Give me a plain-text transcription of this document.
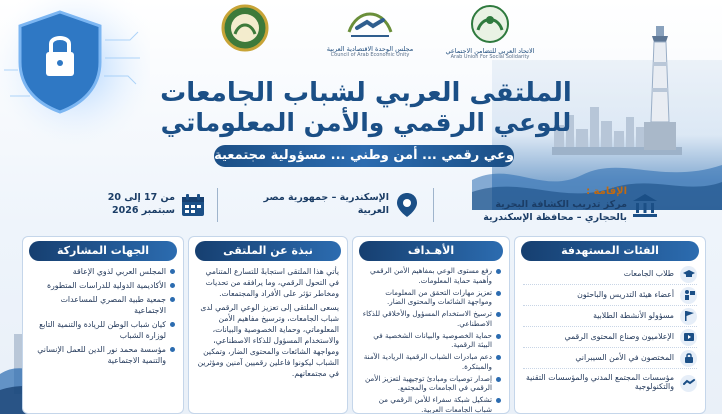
مجلس الوحدة الاقتصادية العربية
Council of Arab Economic Unity
الاتحاد العربي للتضامن الاجتماعي
Arab Union For Social Solidarity
الملتقى العربي لشباب الجامعات
للوعي الرقمي والأمن المعلوماتي
وعي رقمي ... أمن وطني ... مسؤولية مجتمعية
الإقامة :
مركز تدريب الكشافة البحرية
بالحجاري – محافظة الإسكندرية
الإسكندرية – جمهورية مصر العربية
من 17 إلى 20 سبتمبر 2026
الفئات المستهدفة
طلاب الجامعات
أعضاء هيئة التدريس والباحثون
مسؤولو الأنشطة الطلابية
الإعلاميون وصناع المحتوى الرقمي
المختصون في الأمن السيبراني
مؤسسات المجتمع المدني والمؤسسات التقنية والتكنولوجية
الأهـداف
رفع مستوى الوعي بمفاهيم الأمن الرقمي وأهمية حماية المعلومات.
تعزيز مهارات التحقق من المعلومات ومواجهة الشائعات والمحتوى الضار.
ترسيخ الاستخدام المسؤول والأخلاقي للذكاء الاصطناعي.
حماية الخصوصية والبيانات الشخصية في البيئة الرقمية.
دعم مبادرات الشباب الرقمية الريادية الآمنة والمبتكرة.
إصدار توصيات ومبادئ توجيهية لتعزيز الأمن الرقمي في الجامعات والمجتمع.
تشكيل شبكة سفراء للأمن الرقمي من شباب الجامعات العربية.
نبذة عن الملتقى

يأتي هذا الملتقى استجابةً للتسارع المتنامي في التحول الرقمي، وما يرافقه من تحديات ومخاطر تؤثر على الأفراد والمجتمعات.

يسعى الملتقى إلى تعزيز الوعي الرقمي لدى شباب الجامعات، وترسيخ مفاهيم الأمن المعلوماتي، وحماية الخصوصية والبيانات، والاستخدام المسؤول للذكاء الاصطناعي، ومواجهة الشائعات والمحتوى الضار، وتمكين الشباب ليكونوا فاعلين رقميين آمنين ومؤثرين في مجتمعاتهم.

الجهات المشاركة
المجلس العربي لذوي الإعاقة
الأكاديمية الدولية للدراسات المتطورة
جمعية طبية المصري للمساعدات الاجتماعية
كيان شباب الوطن للريادة والتنمية التابع لوزارة الشباب
مؤسسة محمد نور الدين للعمل الإنساني والتنمية الاجتماعية
